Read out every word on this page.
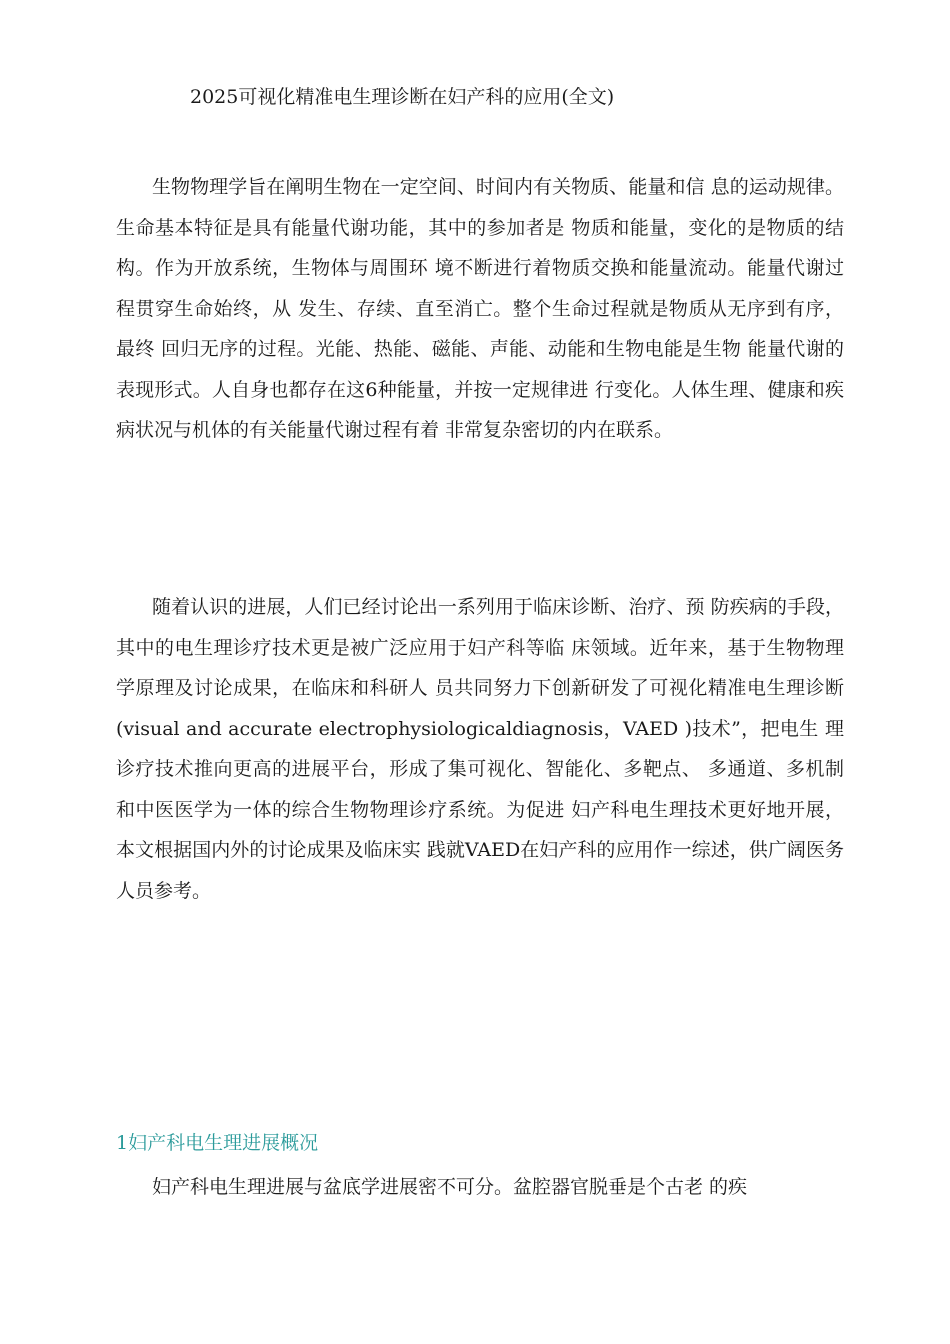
2025可视化精准电生理诊断在妇产科的应用(全文)

生物物理学旨在阐明生物在一定空间、时间内有关物质、能量和信 息的运动规律。生命基本特征是具有能量代谢功能，其中的参加者是 物质和能量，变化的是物质的结构。作为开放系统，生物体与周围环 境不断进行着物质交换和能量流动。能量代谢过程贯穿生命始终，从 发生、存续、直至消亡。整个生命过程就是物质从无序到有序，最终 回归无序的过程。光能、热能、磁能、声能、动能和生物电能是生物 能量代谢的表现形式。人自身也都存在这6种能量，并按一定规律进 行变化。人体生理、健康和疾病状况与机体的有关能量代谢过程有着 非常复杂密切的内在联系。

随着认识的进展，人们已经讨论出一系列用于临床诊断、治疗、预 防疾病的手段，其中的电生理诊疗技术更是被广泛应用于妇产科等临 床领域。近年来，基于生物物理学原理及讨论成果，在临床和科研人 员共同努力下创新研发了可视化精准电生理诊断(visual and accurate electrophysiologicaldiagnosis，VAED )技术”，把电生 理诊疗技术推向更高的进展平台，形成了集可视化、智能化、多靶点、 多通道、多机制和中医医学为一体的综合生物物理诊疗系统。为促进 妇产科电生理技术更好地开展，本文根据国内外的讨论成果及临床实 践就VAED在妇产科的应用作一综述，供广阔医务人员参考。

1妇产科电生理进展概况

妇产科电生理进展与盆底学进展密不可分。盆腔器官脱垂是个古老 的疾
